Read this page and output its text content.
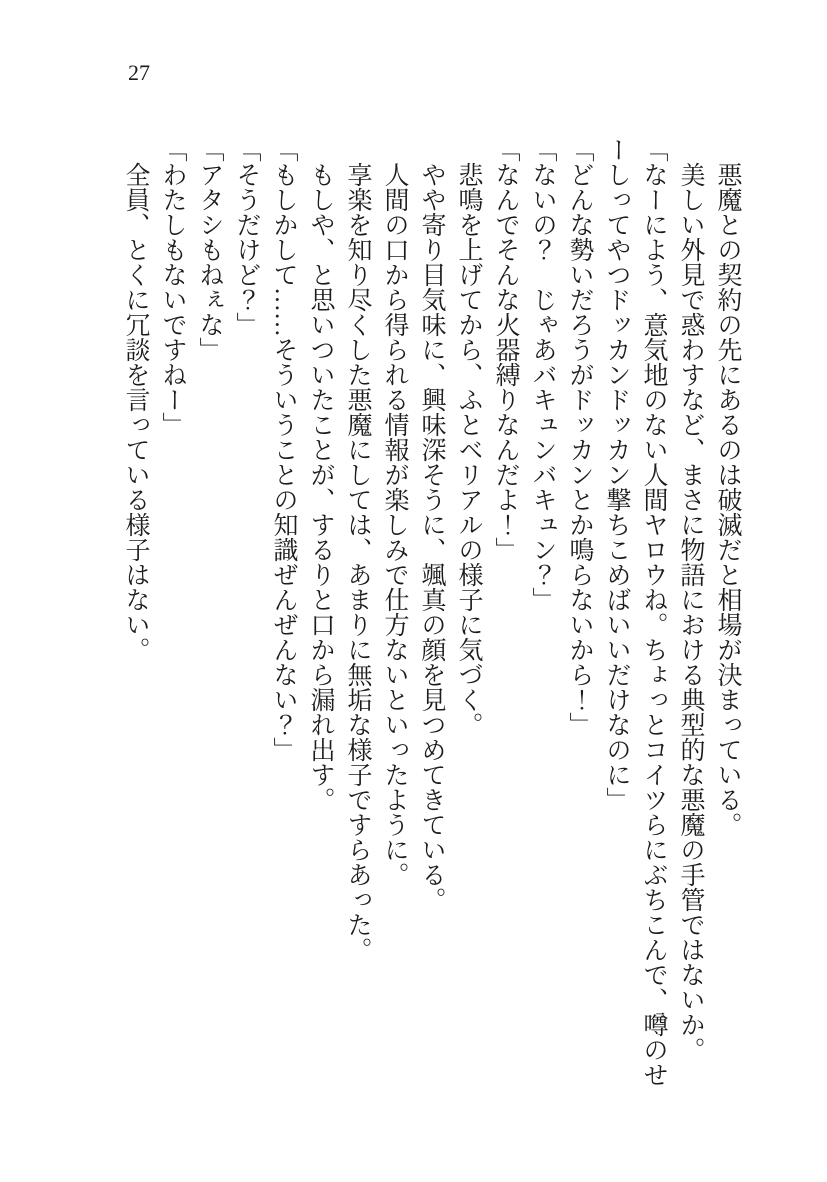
27

　悪魔との契約の先にあるのは破滅だと相場が決まっている。

　美しい外見で惑わすなど、まさに物語における典型的な悪魔の手管ではないか。

「なーによう、意気地のない人間ヤロウね。ちょっとコイツらにぶちこんで、噂のせーしってやつドッカンドッカン撃ちこめばいいだけなのに」

「どんな勢いだろうがドッカンとか鳴らないから！」

「ないの？　じゃあバキュンバキュン？」

「なんでそんな火器縛りなんだよ！」

　悲鳴を上げてから、ふとベリアルの様子に気づく。

　やや寄り目気味に、興味深そうに、颯真の顔を見つめてきている。

　人間の口から得られる情報が楽しみで仕方ないといったように。

　享楽を知り尽くした悪魔にしては、あまりに無垢な様子ですらあった。

　もしや、と思いついたことが、するりと口から漏れ出す。

「もしかして……そういうことの知識ぜんぜんない？」

「そうだけど？」

「アタシもねぇな」

「わたしもないですねー」

　全員、とくに冗談を言っている様子はない。
